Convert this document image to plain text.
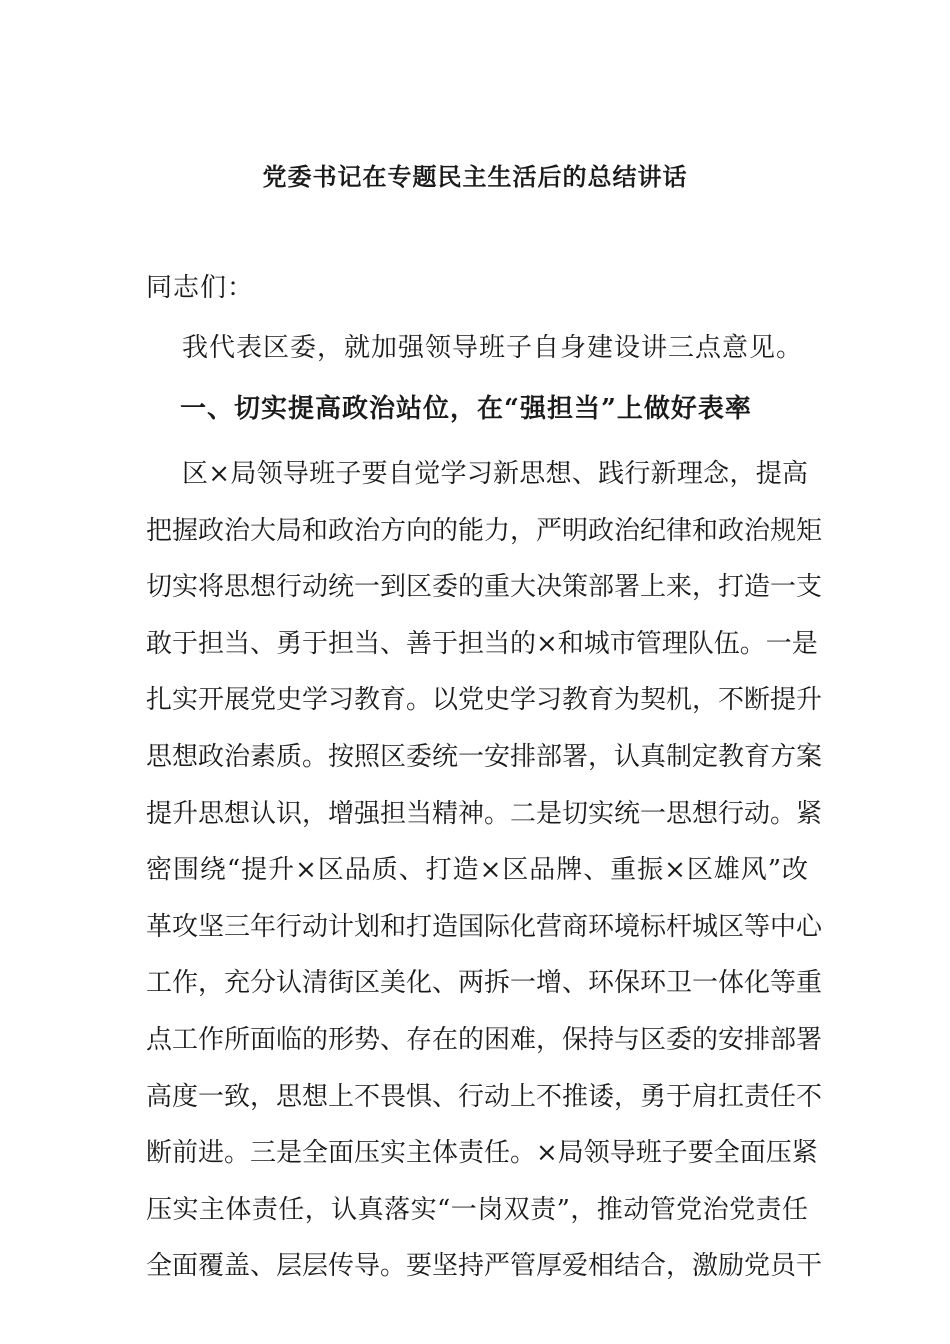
党委书记在专题民主生活后的总结讲话
同志们：
我代表区委，就加强领导班子自身建设讲三点意见。
一、切实提高政治站位，在“强担当”上做好表率
区×局领导班子要自觉学习新思想、践行新理念，提高
把握政治大局和政治方向的能力，严明政治纪律和政治规矩
切实将思想行动统一到区委的重大决策部署上来，打造一支
敢于担当、勇于担当、善于担当的×和城市管理队伍。一是
扎实开展党史学习教育。以党史学习教育为契机，不断提升
思想政治素质。按照区委统一安排部署，认真制定教育方案
提升思想认识，增强担当精神。二是切实统一思想行动。紧
密围绕“提升×区品质、打造×区品牌、重振×区雄风”改
革攻坚三年行动计划和打造国际化营商环境标杆城区等中心
工作，充分认清街区美化、两拆一增、环保环卫一体化等重
点工作所面临的形势、存在的困难，保持与区委的安排部署
高度一致，思想上不畏惧、行动上不推诿，勇于肩扛责任不
断前进。三是全面压实主体责任。×局领导班子要全面压紧
压实主体责任，认真落实“一岗双责”，推动管党治党责任
全面覆盖、层层传导。要坚持严管厚爱相结合，激励党员干
